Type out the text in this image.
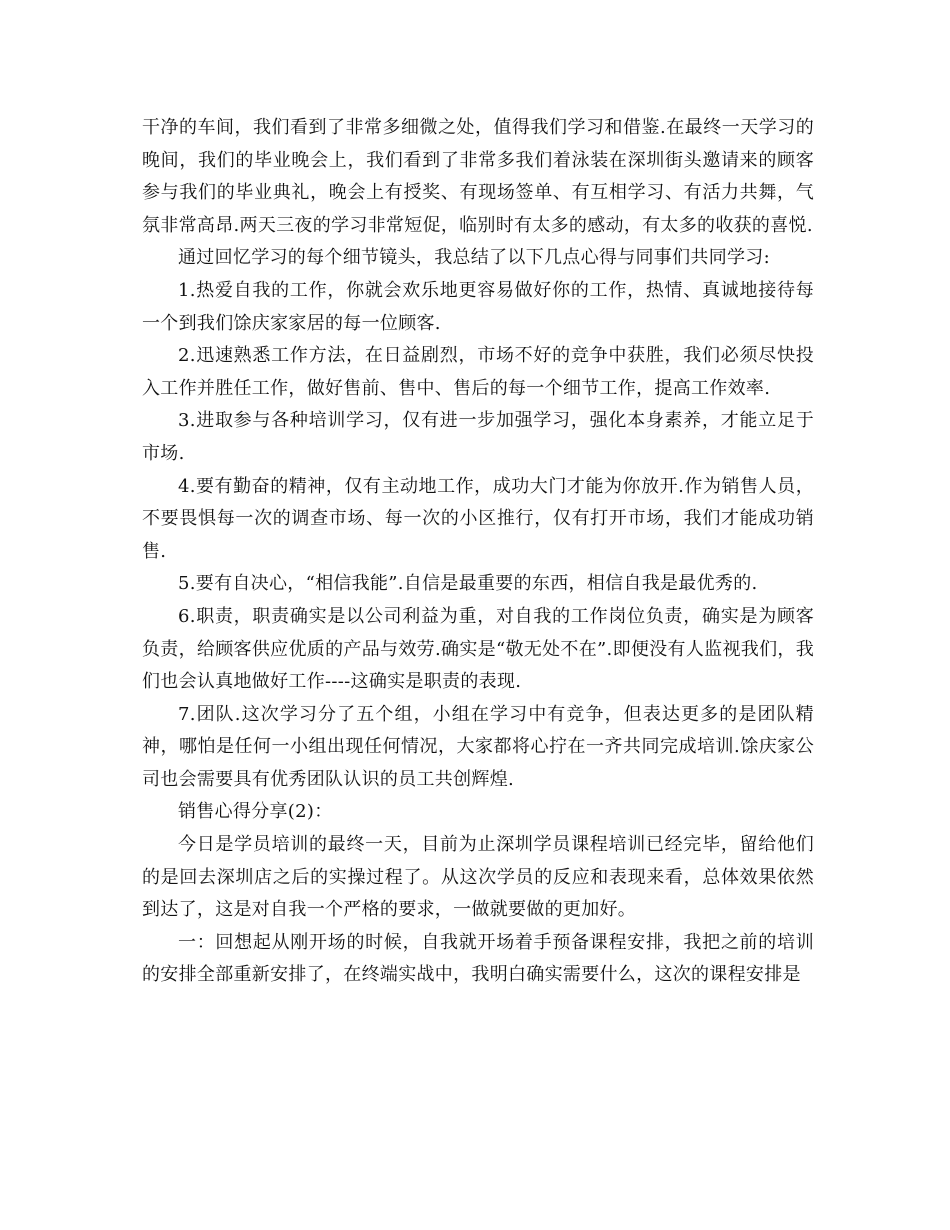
干净的车间，我们看到了非常多细微之处，值得我们学习和借鉴.在最终一天学习的晚间，我们的毕业晚会上，我们看到了非常多我们着泳装在深圳街头邀请来的顾客参与我们的毕业典礼，晚会上有授奖、有现场签单、有互相学习、有活力共舞，气氛非常高昂.两天三夜的学习非常短促，临别时有太多的感动，有太多的收获的喜悦.

通过回忆学习的每个细节镜头，我总结了以下几点心得与同事们共同学习:

1.热爱自我的工作，你就会欢乐地更容易做好你的工作，热情、真诚地接待每一个到我们馀庆家家居的每一位顾客.

2.迅速熟悉工作方法，在日益剧烈，市场不好的竞争中获胜，我们必须尽快投入工作并胜任工作，做好售前、售中、售后的每一个细节工作，提高工作效率.

3.进取参与各种培训学习，仅有进一步加强学习，强化本身素养，才能立足于市场.

4.要有勤奋的精神，仅有主动地工作，成功大门才能为你放开.作为销售人员，不要畏惧每一次的调查市场、每一次的小区推行，仅有打开市场，我们才能成功销售.

5.要有自决心，“相信我能”.自信是最重要的东西，相信自我是最优秀的.

6.职责，职责确实是以公司利益为重，对自我的工作岗位负责，确实是为顾客负责，给顾客供应优质的产品与效劳.确实是“敬无处不在”.即便没有人监视我们，我们也会认真地做好工作----这确实是职责的表现.

7.团队.这次学习分了五个组，小组在学习中有竞争，但表达更多的是团队精神，哪怕是任何一小组出现任何情况，大家都将心拧在一齐共同完成培训.馀庆家公司也会需要具有优秀团队认识的员工共创辉煌.

销售心得分享(2)：

今日是学员培训的最终一天，目前为止深圳学员课程培训已经完毕，留给他们的是回去深圳店之后的实操过程了。从这次学员的反应和表现来看，总体效果依然到达了，这是对自我一个严格的要求，一做就要做的更加好。

一：回想起从刚开场的时候，自我就开场着手预备课程安排，我把之前的培训的安排全部重新安排了，在终端实战中，我明白确实需要什么，这次的课程安排是
